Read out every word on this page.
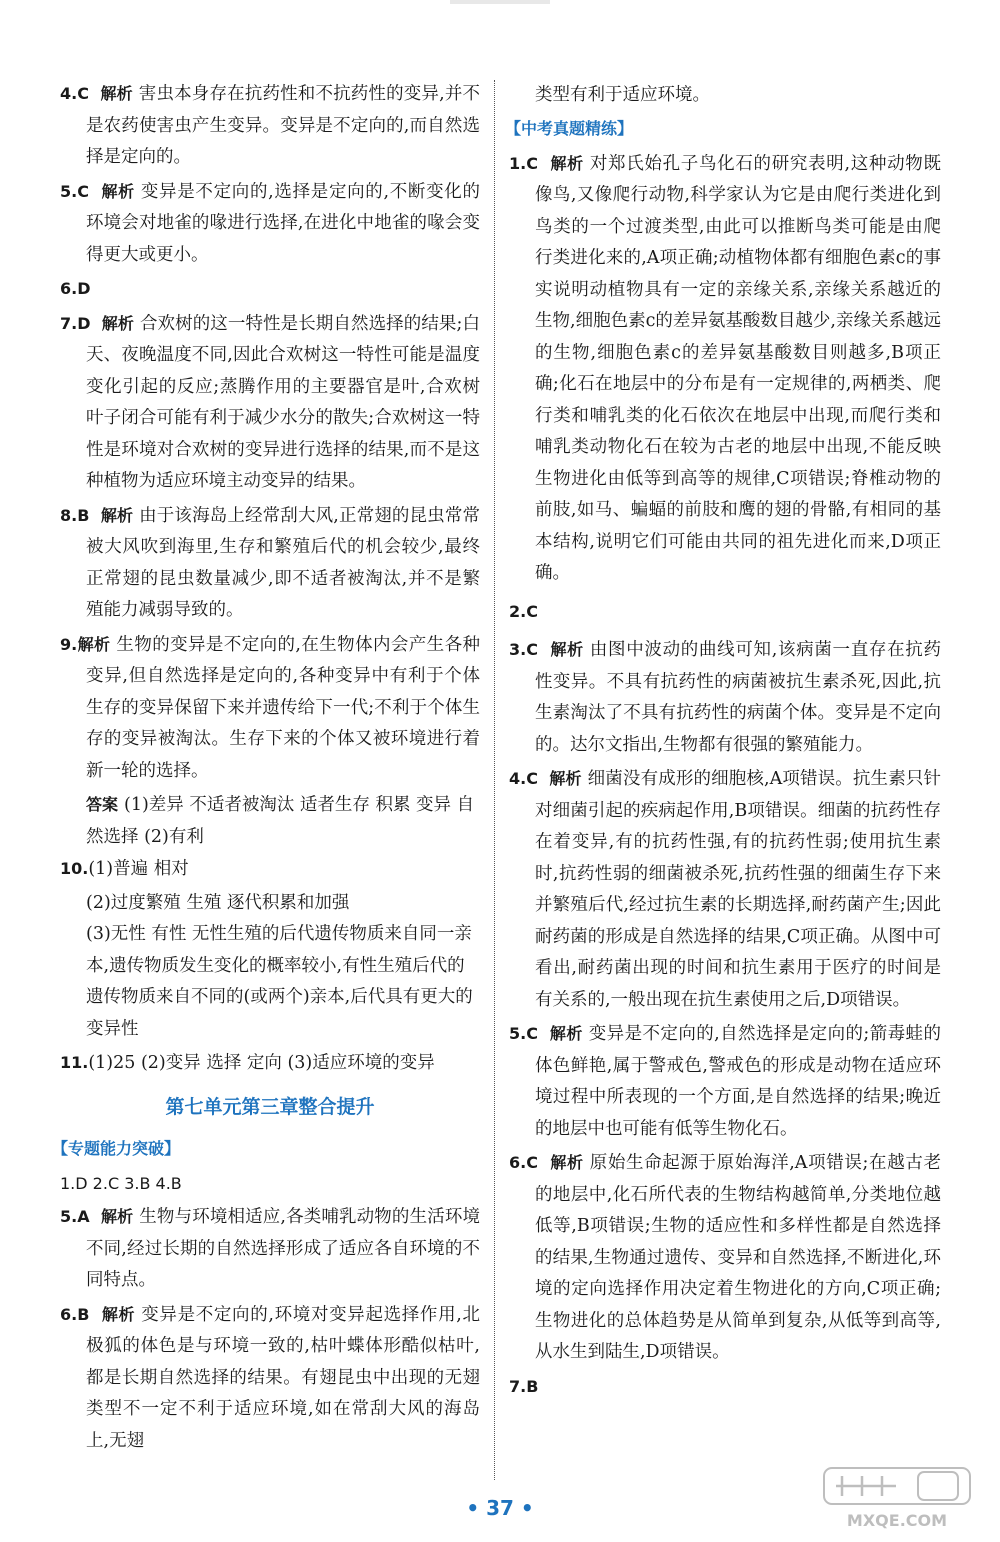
4.C 解析 害虫本身存在抗药性和不抗药性的变异,并不是农药使害虫产生变异。变异是不定向的,而自然选择是定向的。
5.C 解析 变异是不定向的,选择是定向的,不断变化的环境会对地雀的喙进行选择,在进化中地雀的喙会变得更大或更小。
6.D
7.D 解析 合欢树的这一特性是长期自然选择的结果;白天、夜晚温度不同,因此合欢树这一特性可能是温度变化引起的反应;蒸腾作用的主要器官是叶,合欢树叶子闭合可能有利于减少水分的散失;合欢树这一特性是环境对合欢树的变异进行选择的结果,而不是这种植物为适应环境主动变异的结果。
8.B 解析 由于该海岛上经常刮大风,正常翅的昆虫常常被大风吹到海里,生存和繁殖后代的机会较少,最终正常翅的昆虫数量减少,即不适者被淘汰,并不是繁殖能力减弱导致的。
9.解析 生物的变异是不定向的,在生物体内会产生各种变异,但自然选择是定向的,各种变异中有利于个体生存的变异保留下来并遗传给下一代;不利于个体生存的变异被淘汰。生存下来的个体又被环境进行着新一轮的选择。
答案 (1)差异 不适者被淘汰 适者生存 积累 变异 自然选择 (2)有利
10.(1)普遍 相对
(2)过度繁殖 生殖 逐代积累和加强
(3)无性 有性 无性生殖的后代遗传物质来自同一亲本,遗传物质发生变化的概率较小,有性生殖后代的遗传物质来自不同的(或两个)亲本,后代具有更大的变异性
11.(1)25 (2)变异 选择 定向 (3)适应环境的变异
第七单元第三章整合提升
【专题能力突破】
1.D 2.C 3.B 4.B
5.A 解析 生物与环境相适应,各类哺乳动物的生活环境不同,经过长期的自然选择形成了适应各自环境的不同特点。
6.B 解析 变异是不定向的,环境对变异起选择作用,北极狐的体色是与环境一致的,枯叶蝶体形酷似枯叶,都是长期自然选择的结果。有翅昆虫中出现的无翅类型不一定不利于适应环境,如在常刮大风的海岛上,无翅
类型有利于适应环境。
【中考真题精练】
1.C 解析 对郑氏始孔子鸟化石的研究表明,这种动物既像鸟,又像爬行动物,科学家认为它是由爬行类进化到鸟类的一个过渡类型,由此可以推断鸟类可能是由爬行类进化来的,A项正确;动植物体都有细胞色素c的事实说明动植物具有一定的亲缘关系,亲缘关系越近的生物,细胞色素c的差异氨基酸数目越少,亲缘关系越远的生物,细胞色素c的差异氨基酸数目则越多,B项正确;化石在地层中的分布是有一定规律的,两栖类、爬行类和哺乳类的化石依次在地层中出现,而爬行类和哺乳类动物化石在较为古老的地层中出现,不能反映生物进化由低等到高等的规律,C项错误;脊椎动物的前肢,如马、蝙蝠的前肢和鹰的翅的骨骼,有相同的基本结构,说明它们可能由共同的祖先进化而来,D项正确。
2.C
3.C 解析 由图中波动的曲线可知,该病菌一直存在抗药性变异。不具有抗药性的病菌被抗生素杀死,因此,抗生素淘汰了不具有抗药性的病菌个体。变异是不定向的。达尔文指出,生物都有很强的繁殖能力。
4.C 解析 细菌没有成形的细胞核,A项错误。抗生素只针对细菌引起的疾病起作用,B项错误。细菌的抗药性存在着变异,有的抗药性强,有的抗药性弱;使用抗生素时,抗药性弱的细菌被杀死,抗药性强的细菌生存下来并繁殖后代,经过抗生素的长期选择,耐药菌产生;因此耐药菌的形成是自然选择的结果,C项正确。从图中可看出,耐药菌出现的时间和抗生素用于医疗的时间是有关系的,一般出现在抗生素使用之后,D项错误。
5.C 解析 变异是不定向的,自然选择是定向的;箭毒蛙的体色鲜艳,属于警戒色,警戒色的形成是动物在适应环境过程中所表现的一个方面,是自然选择的结果;晚近的地层中也可能有低等生物化石。
6.C 解析 原始生命起源于原始海洋,A项错误;在越古老的地层中,化石所代表的生物结构越简单,分类地位越低等,B项错误;生物的适应性和多样性都是自然选择的结果,生物通过遗传、变异和自然选择,不断进化,环境的定向选择作用决定着生物进化的方向,C项正确;生物进化的总体趋势是从简单到复杂,从低等到高等,从水生到陆生,D项错误。
7.B
• 37 •
MXQE.COM
